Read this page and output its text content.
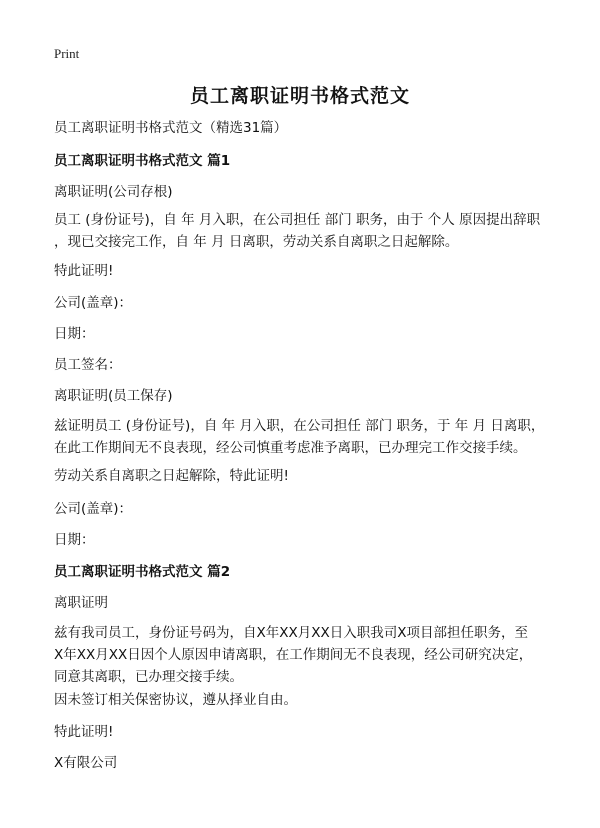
Print
员工离职证明书格式范文
员工离职证明书格式范文（精选31篇）
员工离职证明书格式范文 篇1
离职证明(公司存根)
员工 (身份证号)，自 年 月入职，在公司担任 部门 职务，由于 个人 原因提出辞职
，现已交接完工作，自 年 月 日离职，劳动关系自离职之日起解除。
特此证明!
公司(盖章)：
日期：
员工签名：
离职证明(员工保存)
兹证明员工 (身份证号)，自 年 月入职，在公司担任 部门 职务，于 年 月 日离职，
在此工作期间无不良表现，经公司慎重考虑准予离职，已办理完工作交接手续。
劳动关系自离职之日起解除，特此证明!
公司(盖章)：
日期：
员工离职证明书格式范文 篇2
离职证明
兹有我司员工，身份证号码为，自X年XX月XX日入职我司X项目部担任职务，至
X年XX月XX日因个人原因申请离职，在工作期间无不良表现，经公司研究决定，
同意其离职，已办理交接手续。
因未签订相关保密协议，遵从择业自由。
特此证明!
X有限公司
